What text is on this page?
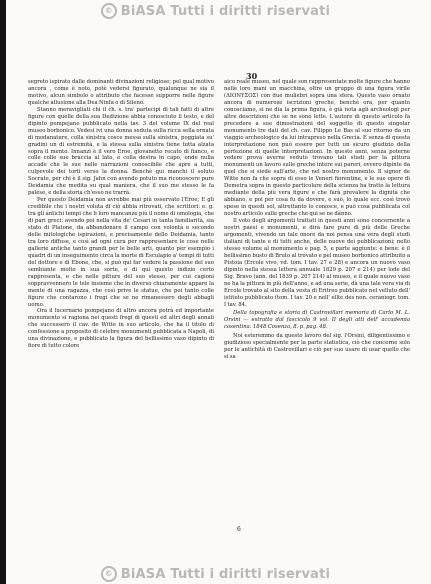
© BiASA Tutti i diritti riservati
30

segreto ispirato dalle dominanti divinazioni religiose; pel qual motivo ancora , come è noto, potè vedersi figurato, qualunque ne sia il motivo, alcun simbolo o attributo che facesse supporre nelle figure qualche allusione alla Dea Ninfa o di Sileno.

Stanno meravigliati chi il ch. s. tra' partecipi di tali fatti di altre figure con quelle della sua Dedizione abbia conosciuto il testo, e del dipinto pompejano pubblicato nella tav. 3 del volume IX del real museo borbonico. Vedesi ivi una donna seduta sulla ricca sella ornata di modanature, colla sinistra cosce messa sulla sinistra, poggiata su' gradini un di estremità, e la stessa sulla sinistra tiene tutta alzata sopra il mento. Innanzi è il vero Eroe, giovanetto recato di fianco, e colle colle sue braccia al lato, e colla destra in capo, onde nulla accade che le sue nelle narrazioni conoscibile che apre a tutti, culpevole dei torti verso la donna. Benchè qui manchi il soluto Socrate, per chi è il sig. Jahn con avendo potuto ma riconoscere pure Deidamia che medita su qual maniera, che il suo me stesso le fa palese, e della storia ch'esso ne trarrà.

Per questo Deidamia non avrebbe mai più osservato l'Eroe; E gli credibile che i nostri voluta di ciò abbia ritrovati, che scrittori: e. g. tra gli antichi tempi che li loro mancanze più il nome di omologia, che di pari greci; avendo poi nella vita de' Cesari in tanta familiarità, sia stato di Platone, da abbandonare il campo con volontà e secondo delle mitologiche ispirazioni, e precisamente dello Deidamia, tanto tra loro diffuse, e così ad ogni cura per rappresentare le cose nelle gallerie antiche tanto grandi per le belle arti, quanto per esempio i quadri di un inseguimento circa la morte di Esculapio a' tempi di tutti del dottore e di Ebone, che, si può qui far vedere la passione del suo sembiante molto in sua sorte, e di qui questo indizio certo rappresenta, e che nelle pitture del suo stesso, per cui cagioni soppravvennero le tele insieme che in diverso chiaramente appare la mente di una ragazza, che così prive le statue, che poi tanto colle figure che contarono i fregi che se ne rimanessero degli abbagli uomo.

Ora il lucernario pompejano di altro ancora potrà ed importante monumento si ragiona nei questi fregi di questi ed altri degli annali che successero il cav. de Witte in suo articolo, che ha il titolo di confessione a proposito di celebre monumenti pubblicata a Napoli, di una divinazione, e pubblicato la figura del bellissimo vaso dipinto di fiore di tutto colore

aico reale museo, nel quale son rappresentate molte figure che hanno nelle loro mani un macchina, oltre un gruppo di una figura virile (ΔΙΟΝΥΣΟΣ) con due muliebri sopra una sfera. Questo vaso ornato ancora di numerose iscrizioni greche, benchè ora, per quanto conosciamo, si ne dia la prima figura, è già nota agli archeologi per altre descrizioni che se ne sono lette. L'autore di questo articolo fa precedere a sue dimostrazioni del soggetto di questo singolar monumento tre dati del ch. cav. Filippo Le Bas al suo ritorno da un viaggio archeologico da lui intrapreso nella Grecia. E senza di questa interpretazione non può essere per tutti un sicuro giudizio della perfezione di quelle interpretazioni. In questo anni, senza poterne vedere prova averne veduto trovano tali studi per la pittura monumenti un lavoro sulle greche intere sui pareri, ovvero dipinte da quel che si siede sull'arte, che nel nostro monumento. Il signor de Witte non fa che sopra di esso le Veneri fiorentine, e le sue opere di Demetra sopra in questo particolare della scienza ha tratto la lettura mediante della più vera figure e che farà prevalere la dignità che abbiano, e poi per cosa fu da dovere, e suo, lo quale ecc. così trovò spese in questi sol, altrettanto lo conosce, e può cosa pubblicata col nostro articolo sulle greche che qui se ne dànno.

Il voto degli argomenti trattati in questi anni sono concernente a nostri paesi e monumenti, e dirà fare pure di più delle Greche argomenti, vivendo un tale onore da noi pensa una vera degli studi italiani di tante e di tutti anche, delle nuove dei pubblicazioni; nello stesso volume al monumento e pag. 5, e parte aggiunte: e bene: è il bellissimo busto di Bruto al trovato e pel museo borbonico attribuito a Pistoia (Ercole vivo, vd. tom. I tav. 27 e 28) e ancora un nuovo vaso dipinto nella stessa lettera annuale 1829 p. 207 e 214) per lode del Sig. Bravo (ann. del 1839 p. 207 214) al museo, e il quale nuovo vaso ne ha la pittura in più dell'anno, e ad una serie, dà una tale vera via di Ercole trovato al sito della vesta di Eritreo pubblicato nel velluto dell' istituto pubblicato (tom. I tav. 20 e nell' ellte des non. ceraniogr. tom. I tav. 84.

Della topografia e storia di Castrovillari memoria di Carlo M. L. Orsini — estratto dal fascicolo 9 vol. II degli atti dell' accademia cosentina. 1848 Cosenza, 8. p. pag. 48.

Noi esteremmo da questo lavoro del sig. l'Orsini, diligentissimo e giudizioso specialmente per la parte statistica, ciò che concerne solo per le antichità di Castrovillari e ciò per suo usare di usar quello che si sa

6
© BiASA Tutti i diritti riservati
